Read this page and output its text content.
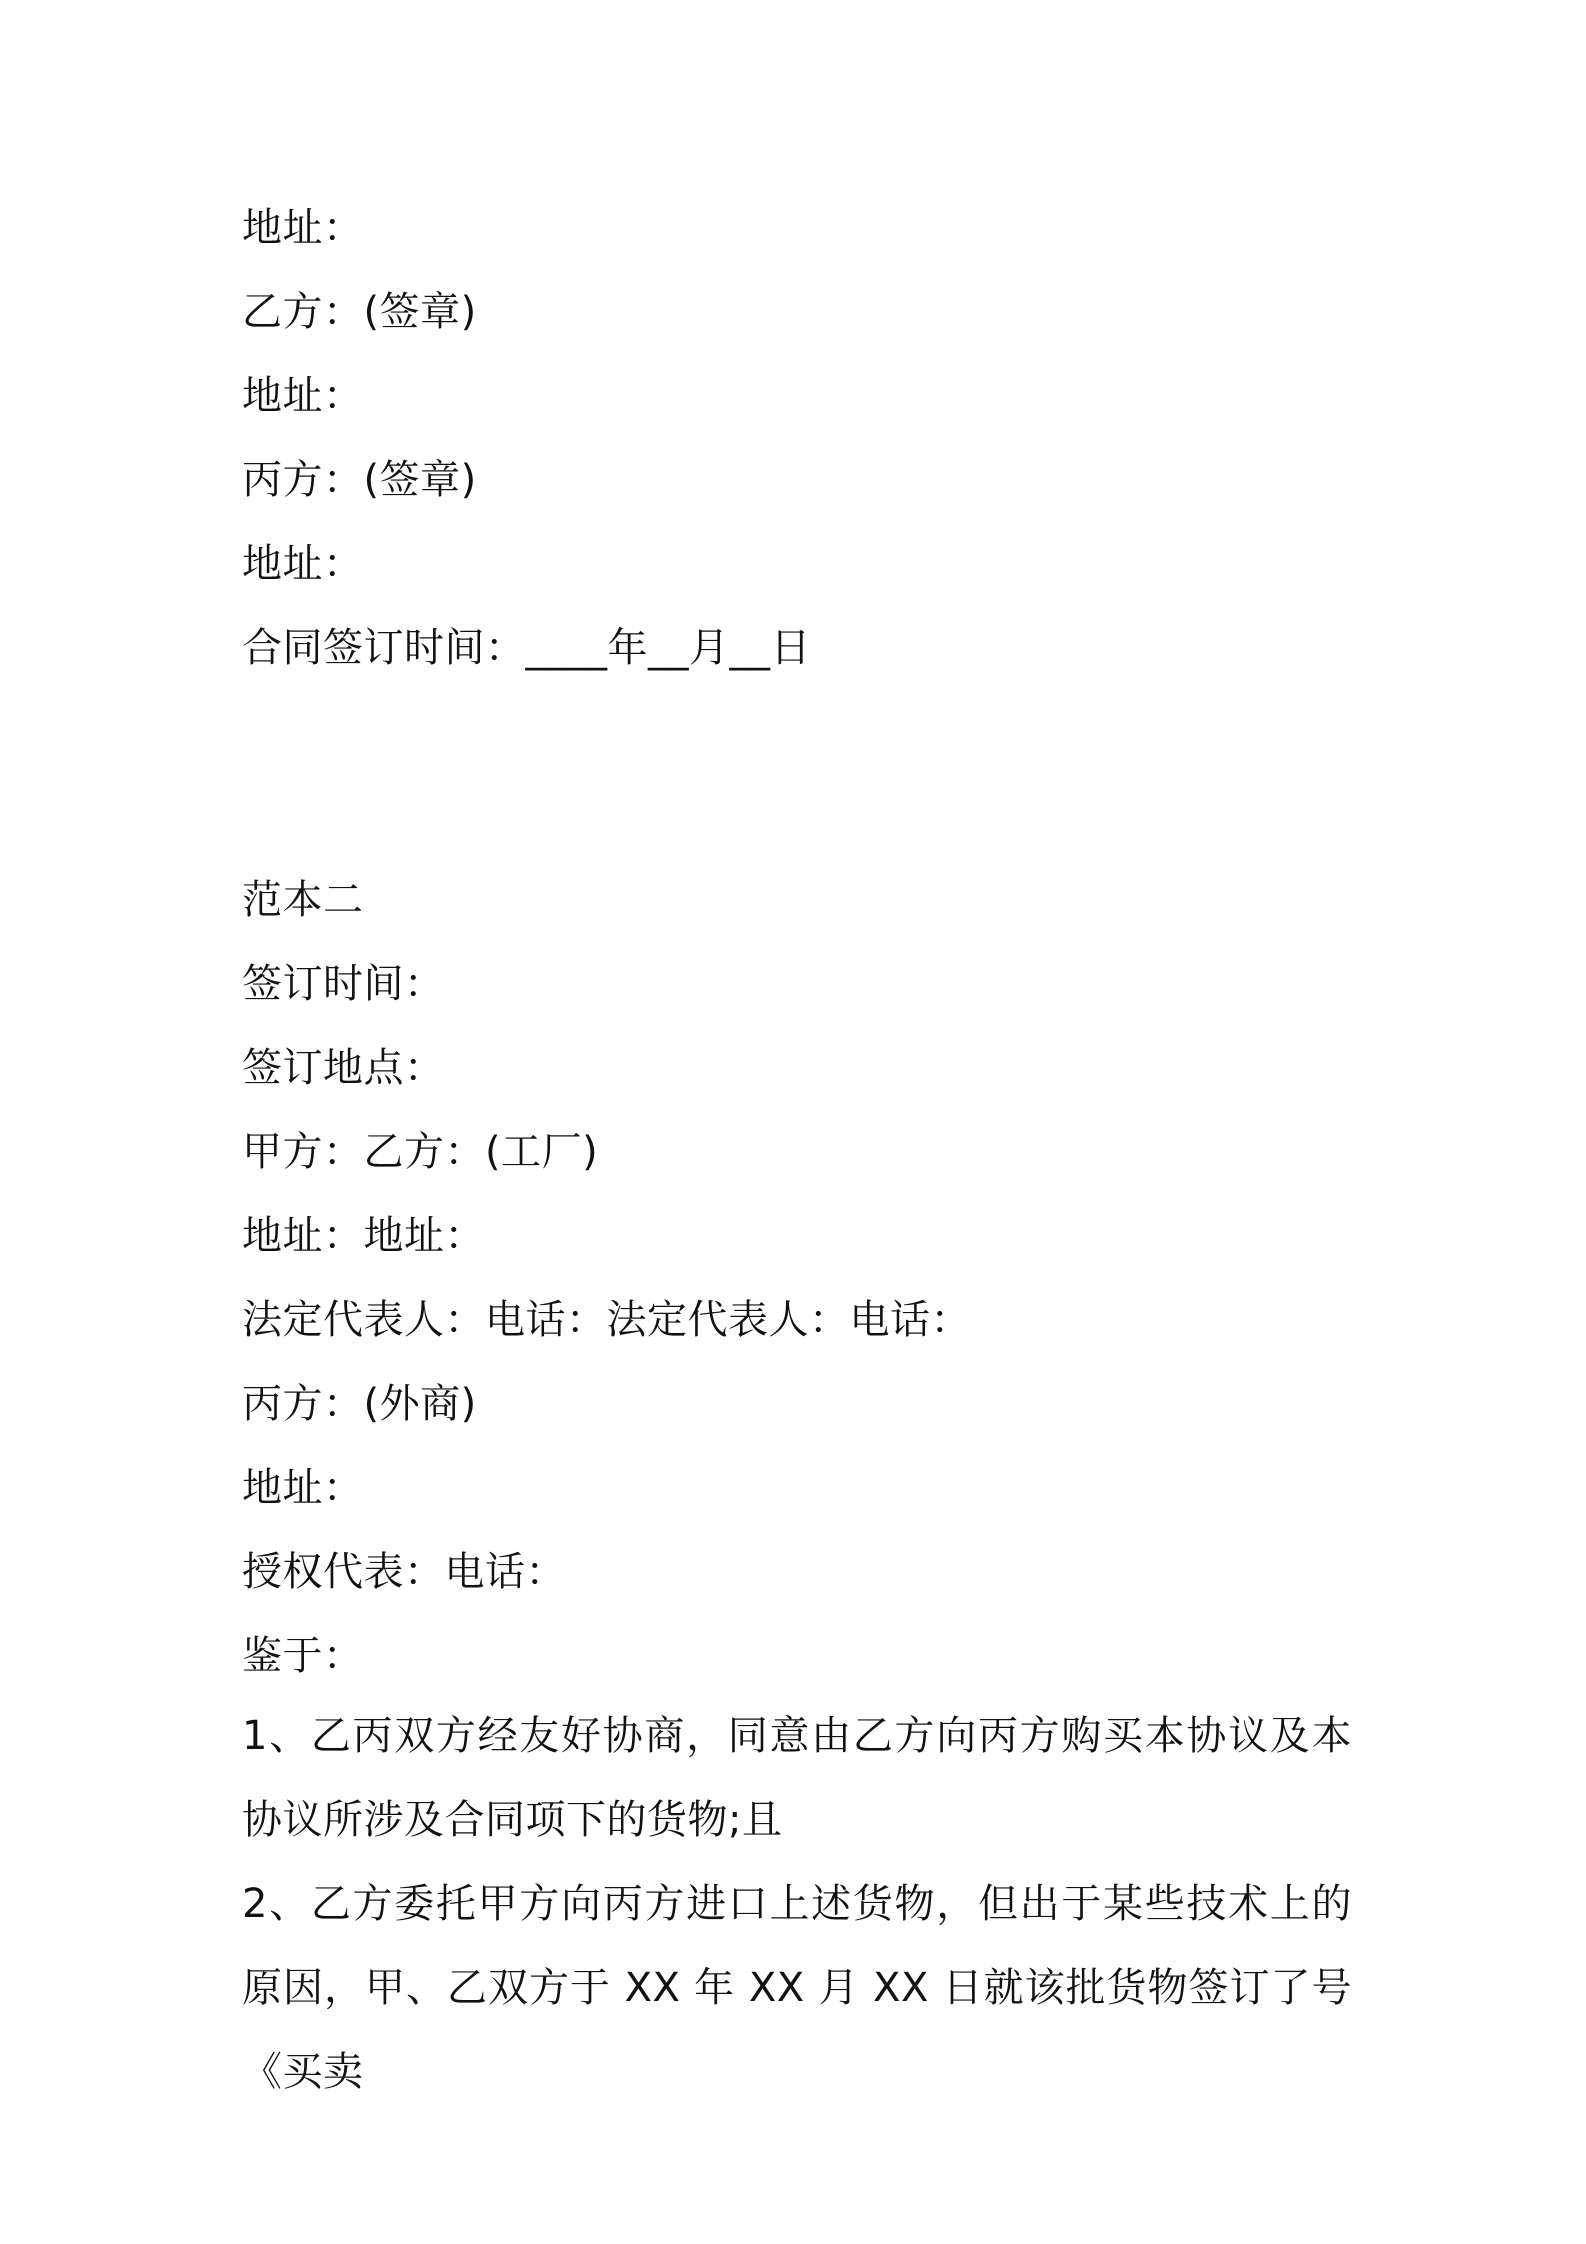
地址：
乙方：(签章)
地址：
丙方：(签章)
地址：
合同签订时间：____年__月__日
范本二
签订时间：
签订地点：
甲方：乙方：(工厂)
地址：地址：
法定代表人：电话：法定代表人：电话：
丙方：(外商)
地址：
授权代表：电话：
鉴于：
1、乙丙双方经友好协商，同意由乙方向丙方购买本协议及本协议所涉及合同项下的货物;且
2、乙方委托甲方向丙方进口上述货物，但出于某些技术上的原因，甲、乙双方于 XX 年 XX 月 XX 日就该批货物签订了号《买卖
